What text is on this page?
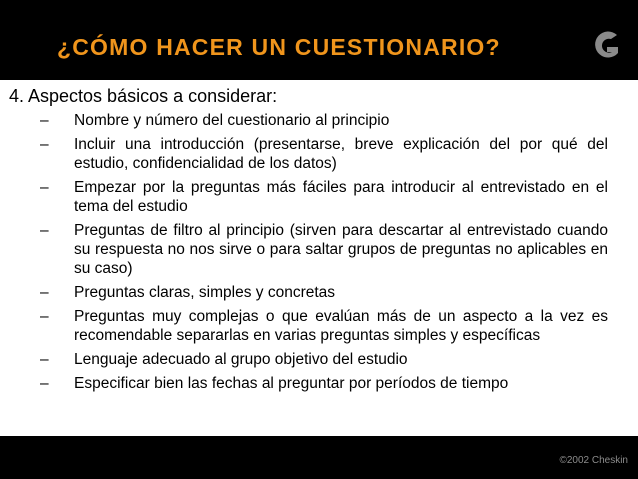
¿CÓMO HACER UN CUESTIONARIO?
4. Aspectos básicos a considerar:
– Nombre y número del cuestionario al principio
– Incluir una introducción (presentarse, breve explicación del por qué del estudio, confidencialidad de los datos)
– Empezar por la preguntas más fáciles para introducir al entrevistado en el tema del estudio
– Preguntas de filtro al principio (sirven para descartar al entrevistado cuando su respuesta no nos sirve o para saltar grupos de preguntas no aplicables en su caso)
– Preguntas claras, simples y concretas
– Preguntas muy complejas o que evalúan más de un aspecto a la vez es recomendable separarlas en varias preguntas simples y específicas
– Lenguaje adecuado al grupo objetivo del estudio
– Especificar bien las fechas al preguntar por períodos de tiempo
©2002 Cheskin
